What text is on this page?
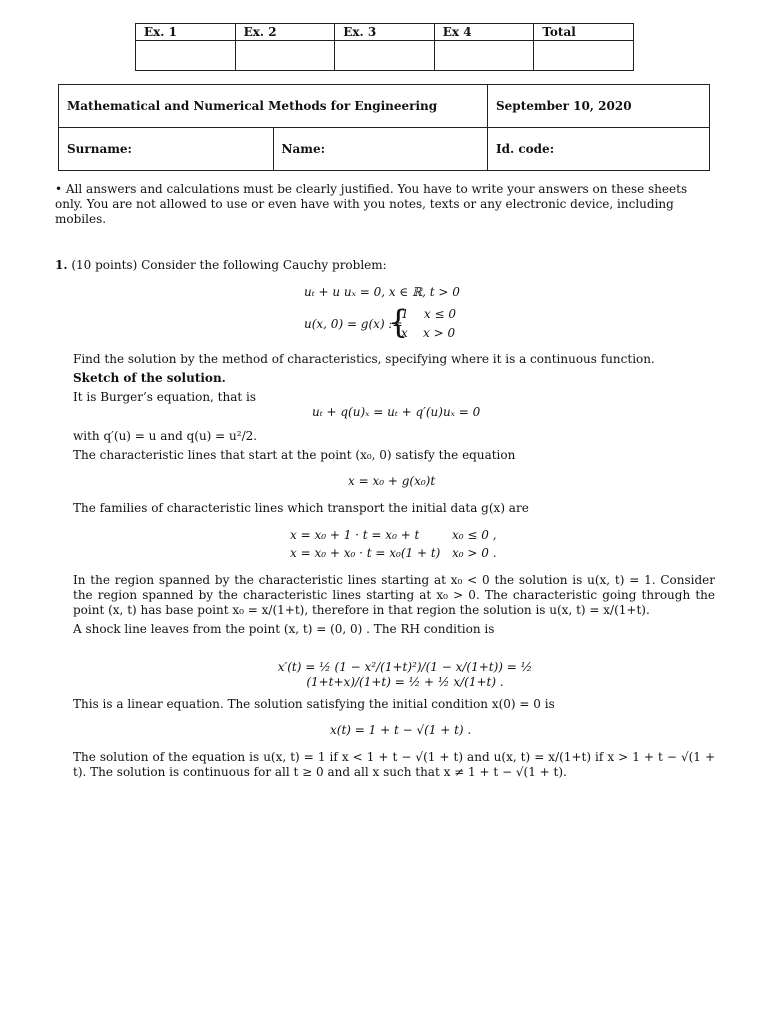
Ex. 1	Ex. 2	Ex. 3	Ex 4	Total

Mathematical and Numerical Methods for Engineering		September 10, 2020
Surname:	Name:	Id. code:
• All answers and calculations must be clearly justified. You have to write your answers on these sheets only. You are not allowed to use or even have with you notes, texts or any electronic device, including mobiles.
1. (10 points) Consider the following Cauchy problem:
uₜ + u uₓ = 0, x ∈ ℝ, t > 0
u(x, 0) = g(x) :=
{
1    x ≤ 0
x    x > 0
Find the solution by the method of characteristics, specifying where it is a continuous function.
Sketch of the solution.
It is Burger’s equation, that is
uₜ + q(u)ₓ = uₜ + q′(u)uₓ = 0
with q′(u) = u and q(u) = u²/2.
The characteristic lines that start at the point (x₀, 0) satisfy the equation
x = x₀ + g(x₀)t
The families of characteristic lines which transport the initial data g(x) are
x = x₀ + 1 · t = x₀ + t	x₀ ≤ 0 ,
x = x₀ + x₀ · t = x₀(1 + t) x₀ > 0 .
In the region spanned by the characteristic lines starting at x₀ < 0 the solution is u(x, t) = 1. Consider the region spanned by the characteristic lines starting at x₀ > 0. The characteristic going through the point (x, t) has base point x₀ = x/(1+t), therefore in that region the solution is u(x, t) = x/(1+t).
A shock line leaves from the point (x, t) = (0, 0) . The RH condition is
x′(t) = ½ (1 − x²/(1+t)²)/(1 − x/(1+t)) = ½ (1+t+x)/(1+t) = ½ + ½ x/(1+t) .
This is a linear equation. The solution satisfying the initial condition x(0) = 0 is
x(t) = 1 + t − √(1 + t) .
The solution of the equation is u(x, t) = 1 if x < 1 + t − √(1 + t) and u(x, t) = x/(1+t) if x > 1 + t − √(1 + t). The solution is continuous for all t ≥ 0 and all x such that x ≠ 1 + t − √(1 + t).
